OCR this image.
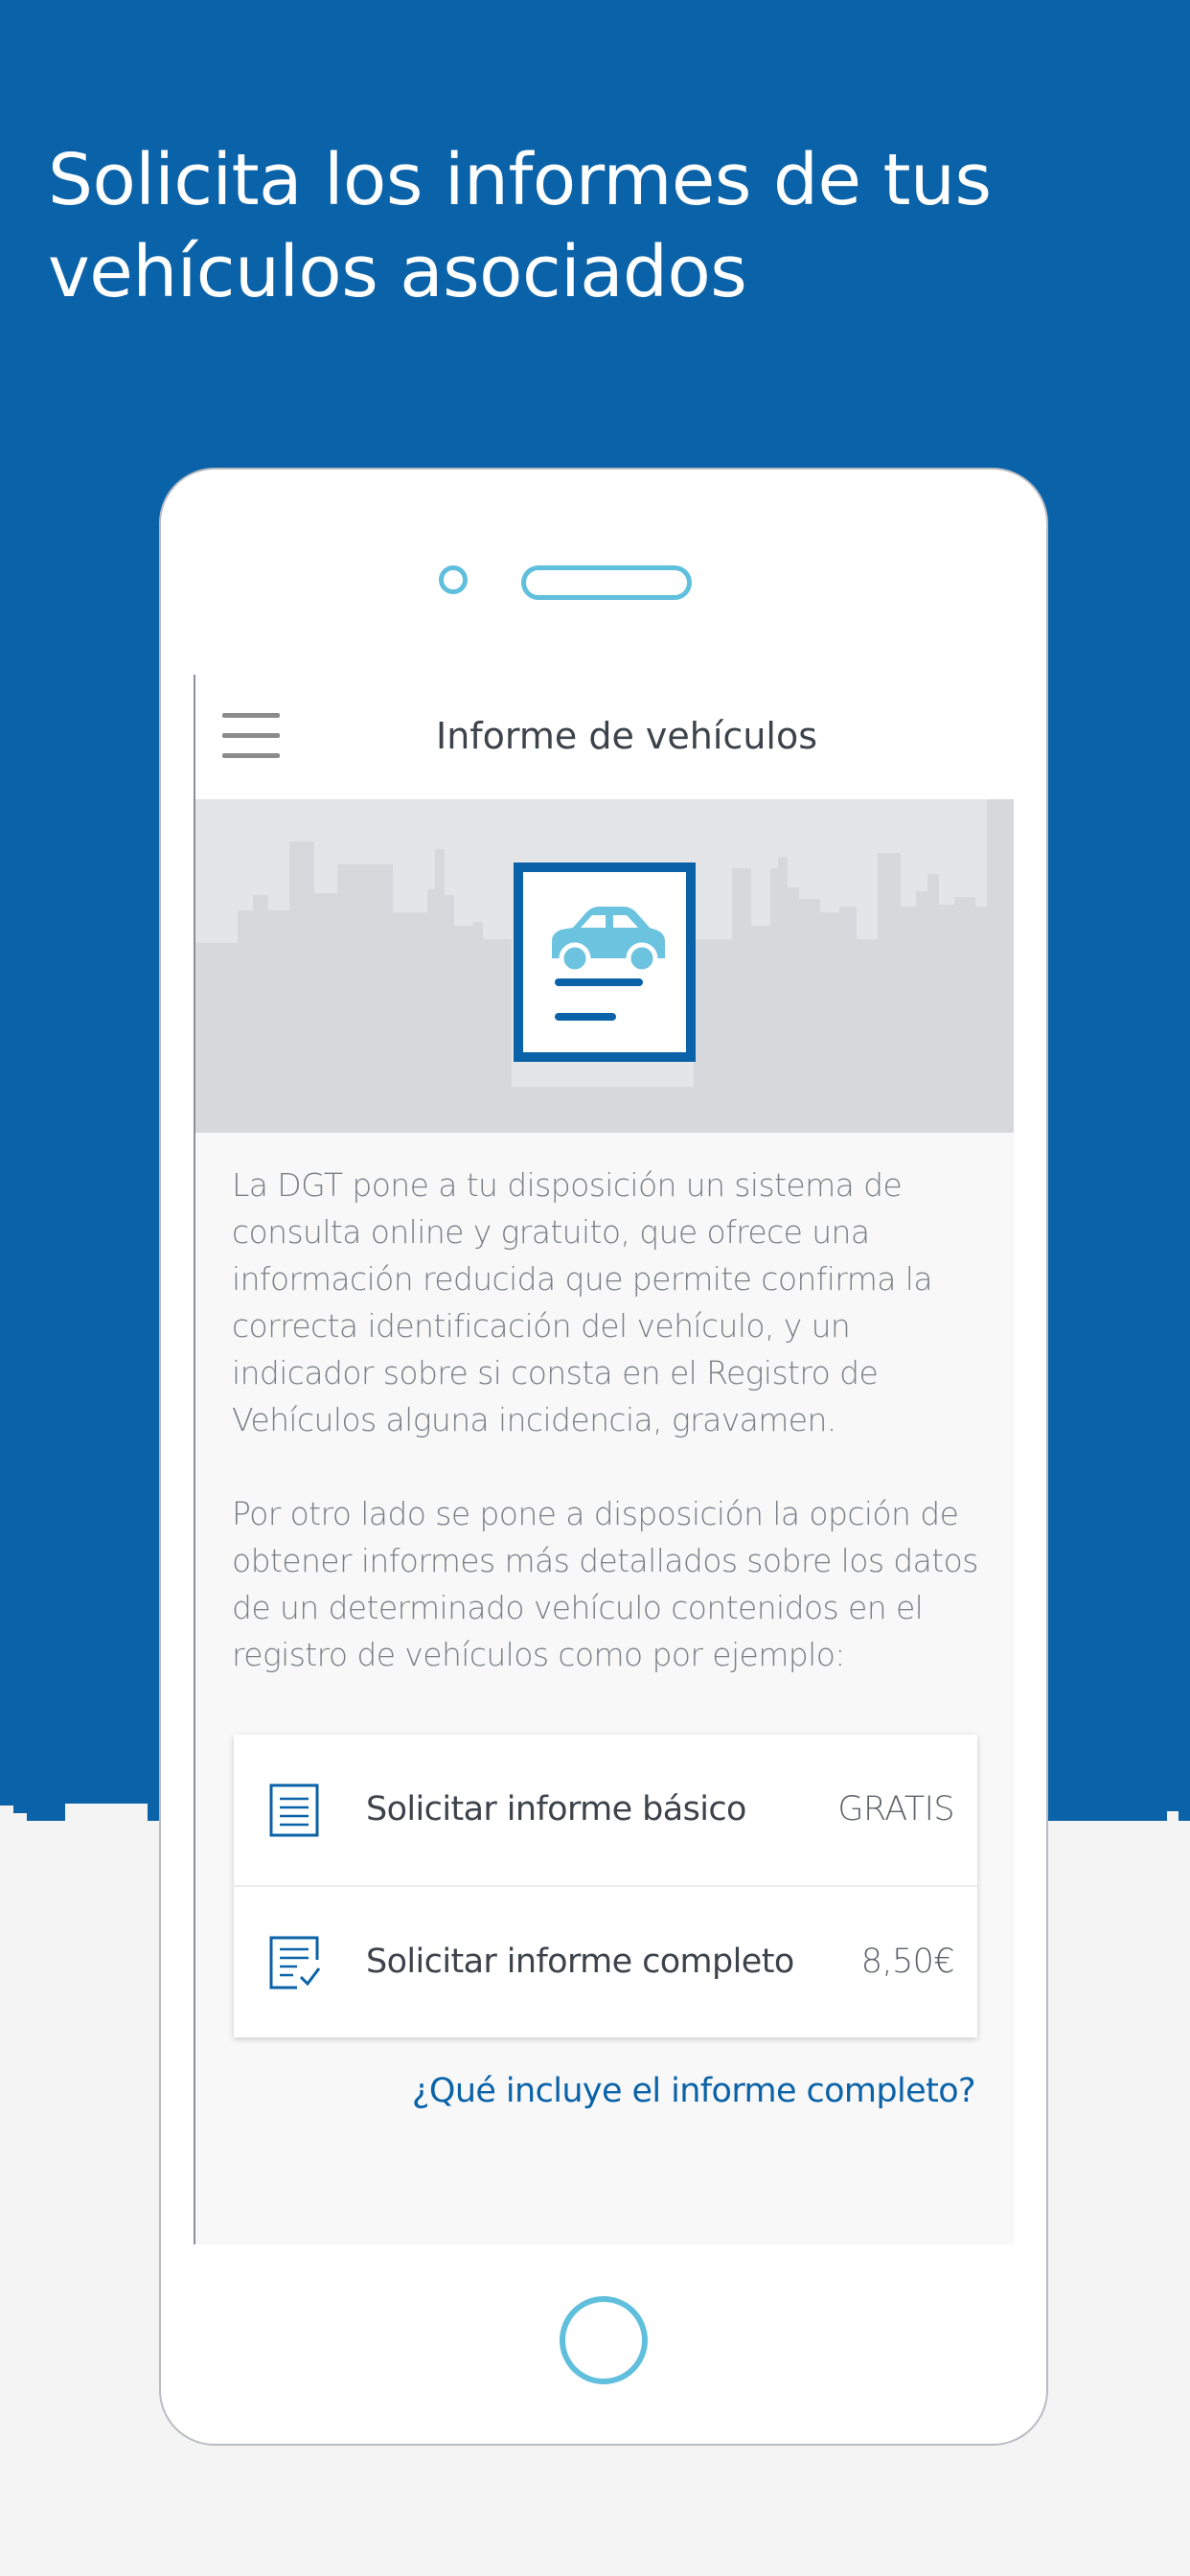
Solicita los informes de tus
vehículos asociados
Informe de vehículos

La DGT pone a tu disposición un sistema de consulta online y gratuito, que ofrece una información reducida que permite confirma la correcta identificación del vehículo, y un indicador sobre si consta en el Registro de Vehículos alguna incidencia, gravamen.

Por otro lado se pone a disposición la opción de obtener informes más detallados sobre los datos de un determinado vehículo contenidos en el registro de vehículos como por ejemplo:

Solicitar informe básico	GRATIS
Solicitar informe completo 8,50€
¿Qué incluye el informe completo?
